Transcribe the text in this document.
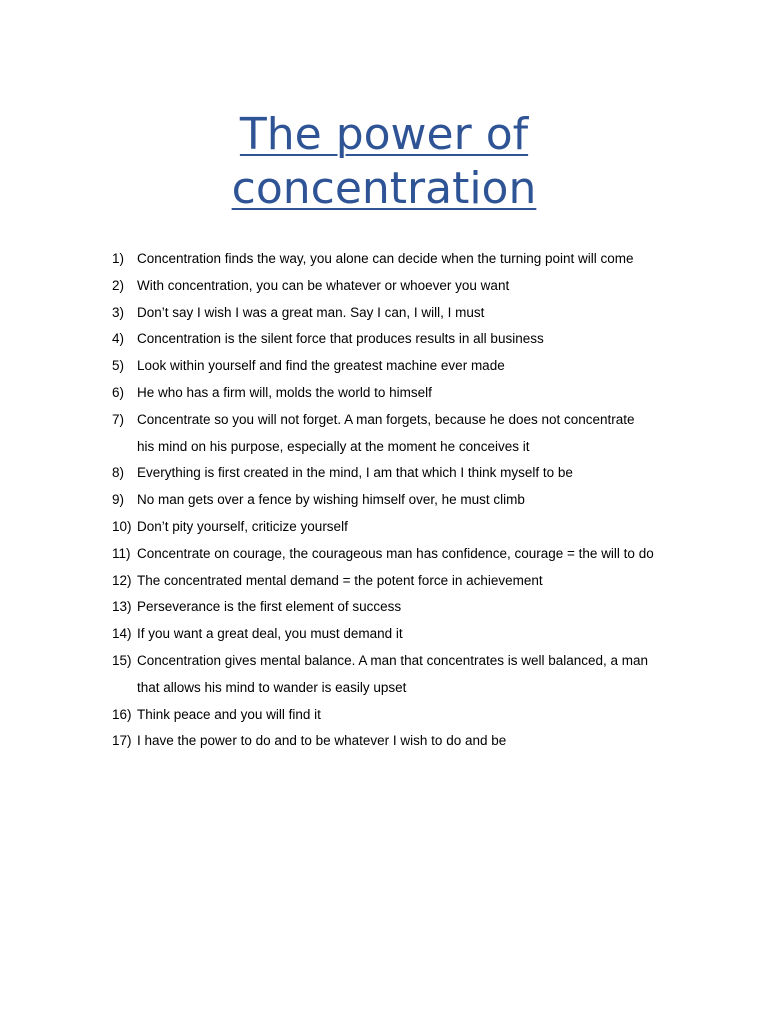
The power of
concentration
1) Concentration finds the way, you alone can decide when the turning point will come
2) With concentration, you can be whatever or whoever you want
3) Don’t say I wish I was a great man. Say I can, I will, I must
4) Concentration is the silent force that produces results in all business
5) Look within yourself and find the greatest machine ever made
6) He who has a firm will, molds the world to himself
7) Concentrate so you will not forget. A man forgets, because he does not concentrate
his mind on his purpose, especially at the moment he conceives it
8) Everything is first created in the mind, I am that which I think myself to be
9) No man gets over a fence by wishing himself over, he must climb
10) Don’t pity yourself, criticize yourself
11) Concentrate on courage, the courageous man has confidence, courage = the will to do
12) The concentrated mental demand = the potent force in achievement
13) Perseverance is the first element of success
14) If you want a great deal, you must demand it
15) Concentration gives mental balance. A man that concentrates is well balanced, a man
that allows his mind to wander is easily upset
16) Think peace and you will find it
17) I have the power to do and to be whatever I wish to do and be
